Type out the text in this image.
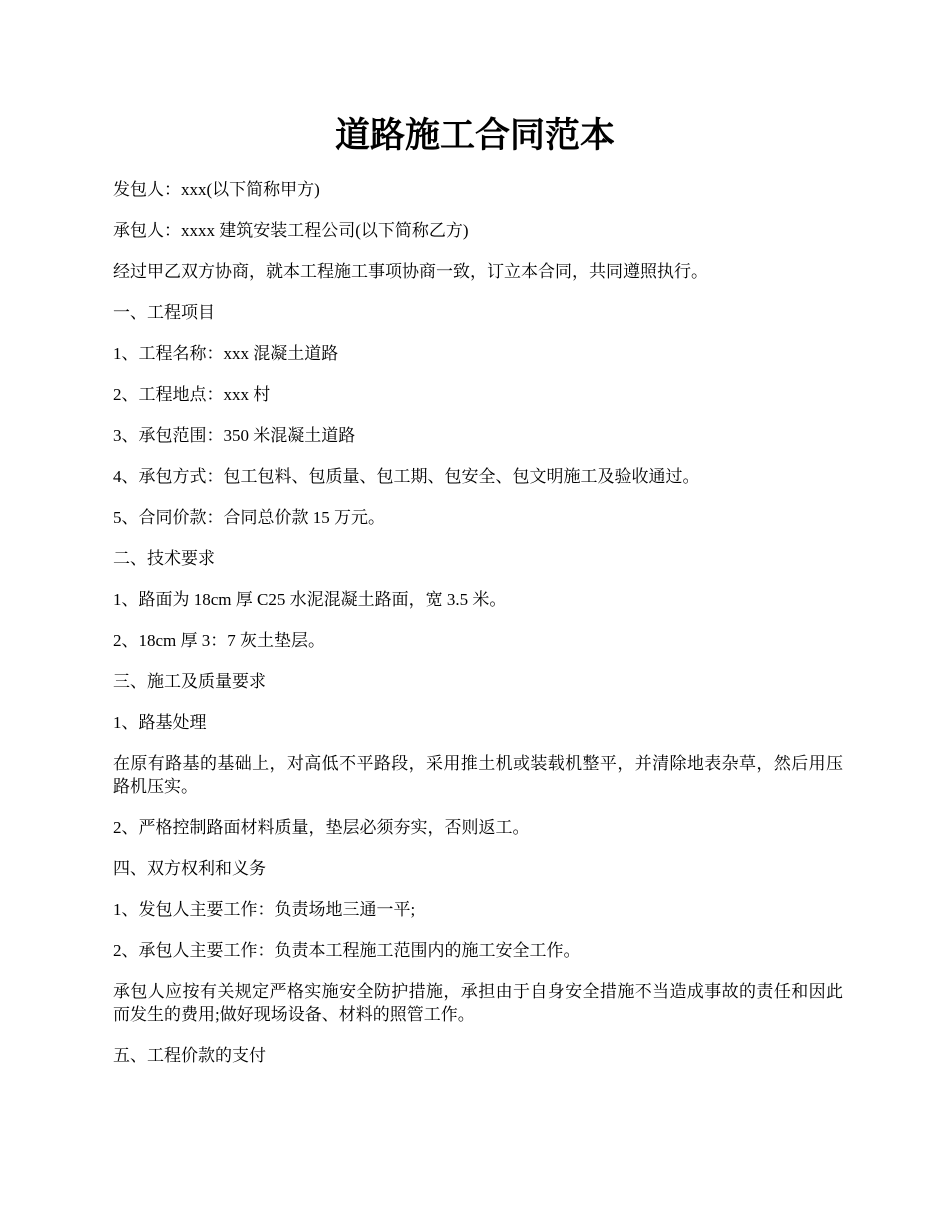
道路施工合同范本

发包人：xxx(以下简称甲方)

承包人：xxxx 建筑安装工程公司(以下简称乙方)

经过甲乙双方协商，就本工程施工事项协商一致，订立本合同，共同遵照执行。

一、工程项目

1、工程名称：xxx 混凝土道路

2、工程地点：xxx 村

3、承包范围：350 米混凝土道路

4、承包方式：包工包料、包质量、包工期、包安全、包文明施工及验收通过。

5、合同价款：合同总价款 15 万元。

二、技术要求

1、路面为 18cm 厚 C25 水泥混凝土路面，宽 3.5 米。

2、18cm 厚 3：7 灰土垫层。

三、施工及质量要求

1、路基处理

在原有路基的基础上，对高低不平路段，采用推土机或装载机整平，并清除地表杂草，然后用压路机压实。

2、严格控制路面材料质量，垫层必须夯实，否则返工。

四、双方权利和义务

1、发包人主要工作：负责场地三通一平;

2、承包人主要工作：负责本工程施工范围内的施工安全工作。

承包人应按有关规定严格实施安全防护措施，承担由于自身安全措施不当造成事故的责任和因此而发生的费用;做好现场设备、材料的照管工作。

五、工程价款的支付
